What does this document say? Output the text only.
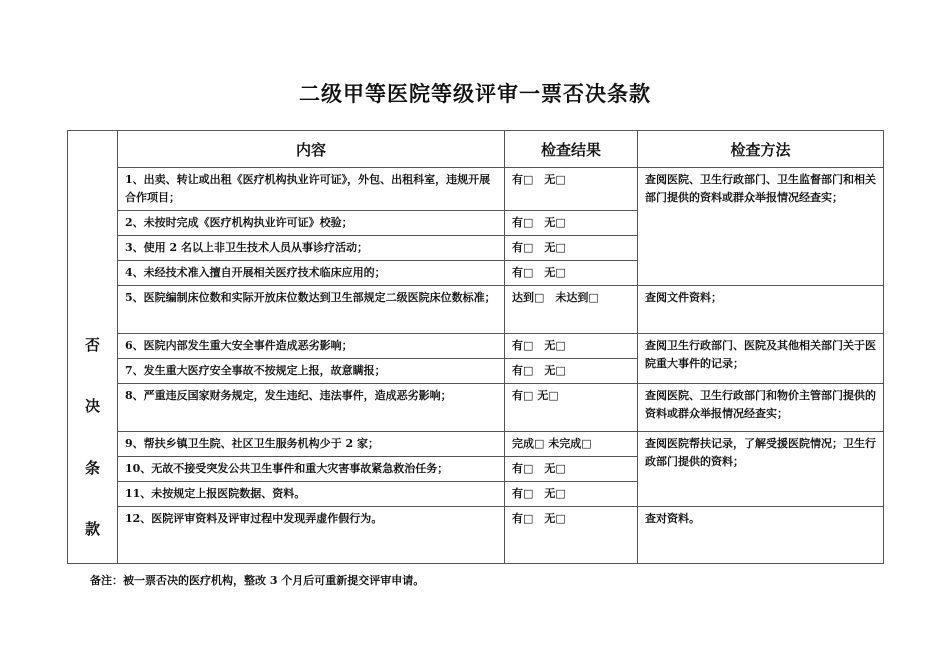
二级甲等医院等级评审一票否决条款
否
决
条
款	内容	检查结果	检查方法
	1、出卖、转让或出租《医疗机构执业许可证》，外包、出租科室，违规开展合作项目；	有□　无□	查阅医院、卫生行政部门、卫生监督部门和相关部门提供的资料或群众举报情况经查实；
	2、未按时完成《医疗机构执业许可证》校验；	有□　无□	
	3、使用 2 名以上非卫生技术人员从事诊疗活动；	有□　无□	
	4、未经技术准入擅自开展相关医疗技术临床应用的；	有□　无□	
	5、医院编制床位数和实际开放床位数达到卫生部规定二级医院床位数标准；	达到□　未达到□	查阅文件资料；
	6、医院内部发生重大安全事件造成恶劣影响；	有□　无□	查阅卫生行政部门、医院及其他相关部门关于医院重大事件的记录；
	7、发生重大医疗安全事故不按规定上报，故意瞒报；	有□　无□	
	8、严重违反国家财务规定，发生违纪、违法事件，造成恶劣影响；	有□ 无□	查阅医院、卫生行政部门和物价主管部门提供的资料或群众举报情况经查实；
	9、帮扶乡镇卫生院、社区卫生服务机构少于 2 家；	完成□ 未完成□	查阅医院帮扶记录，了解受援医院情况；卫生行政部门提供的资料；
	10、无故不接受突发公共卫生事件和重大灾害事故紧急救治任务；	有□　无□	
	11、未按规定上报医院数据、资料。	有□　无□	
	12、医院评审资料及评审过程中发现弄虚作假行为。	有□　无□	查对资料。
备注：被一票否决的医疗机构，整改 3 个月后可重新提交评审申请。
